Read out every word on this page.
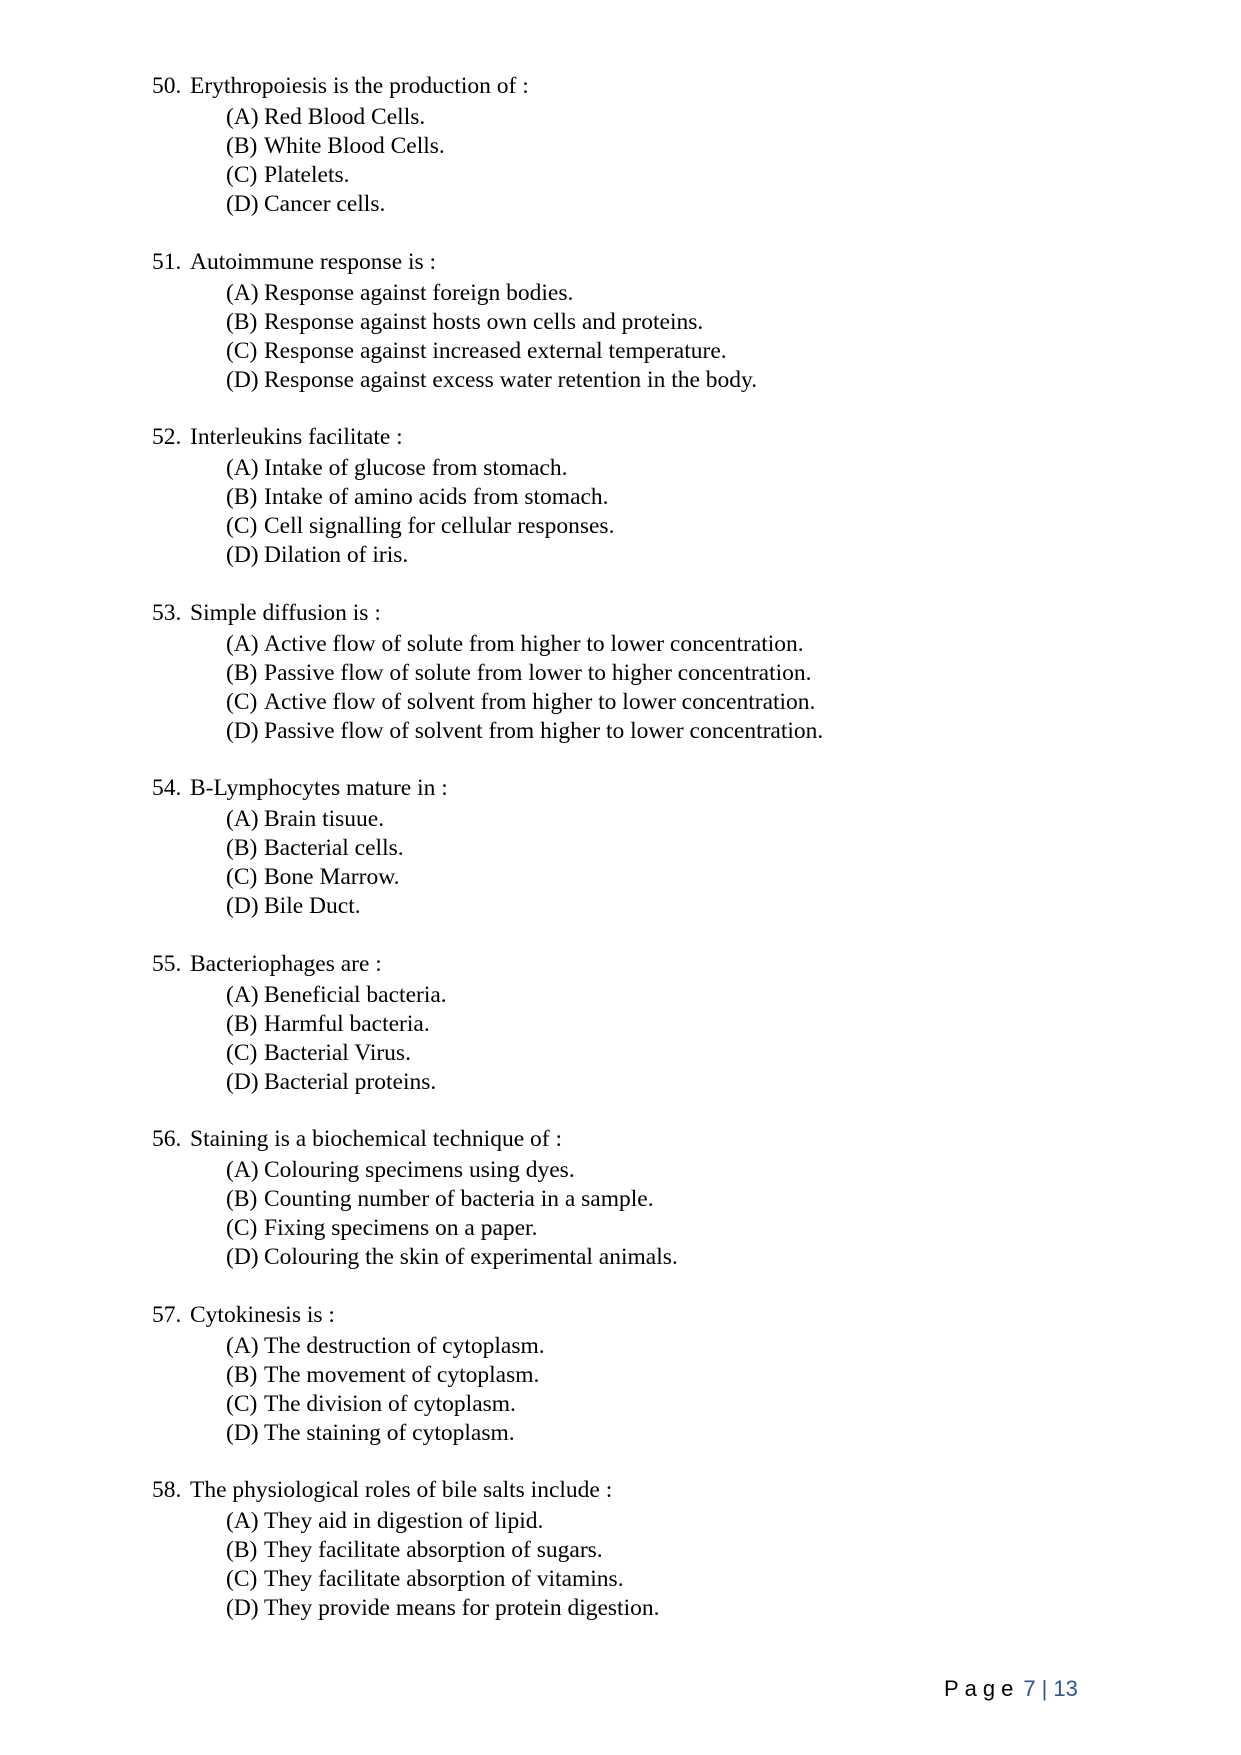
50. Erythropoiesis is the production of :
(A) Red Blood Cells.
(B) White Blood Cells.
(C) Platelets.
(D) Cancer cells.
51. Autoimmune response is :
(A) Response against foreign bodies.
(B) Response against hosts own cells and proteins.
(C) Response against increased external temperature.
(D) Response against excess water retention in the body.
52. Interleukins facilitate :
(A) Intake of glucose from stomach.
(B) Intake of amino acids from stomach.
(C) Cell signalling for cellular responses.
(D) Dilation of iris.
53. Simple diffusion is :
(A) Active flow of solute from higher to lower concentration.
(B) Passive flow of solute from lower to higher concentration.
(C) Active flow of solvent from higher to lower concentration.
(D) Passive flow of solvent from higher to lower concentration.
54. B-Lymphocytes mature in :
(A) Brain tisuue.
(B) Bacterial cells.
(C) Bone Marrow.
(D) Bile Duct.
55. Bacteriophages are :
(A) Beneficial bacteria.
(B) Harmful bacteria.
(C) Bacterial Virus.
(D) Bacterial proteins.
56. Staining is a biochemical technique of :
(A) Colouring specimens using dyes.
(B) Counting number of bacteria in a sample.
(C) Fixing specimens on a paper.
(D) Colouring the skin of experimental animals.
57. Cytokinesis is :
(A) The destruction of cytoplasm.
(B) The movement of cytoplasm.
(C) The division of cytoplasm.
(D) The staining of cytoplasm.
58. The physiological roles of bile salts include :
(A) They aid in digestion of lipid.
(B) They facilitate absorption of sugars.
(C) They facilitate absorption of vitamins.
(D) They provide means for protein digestion.
Page 7 | 13
